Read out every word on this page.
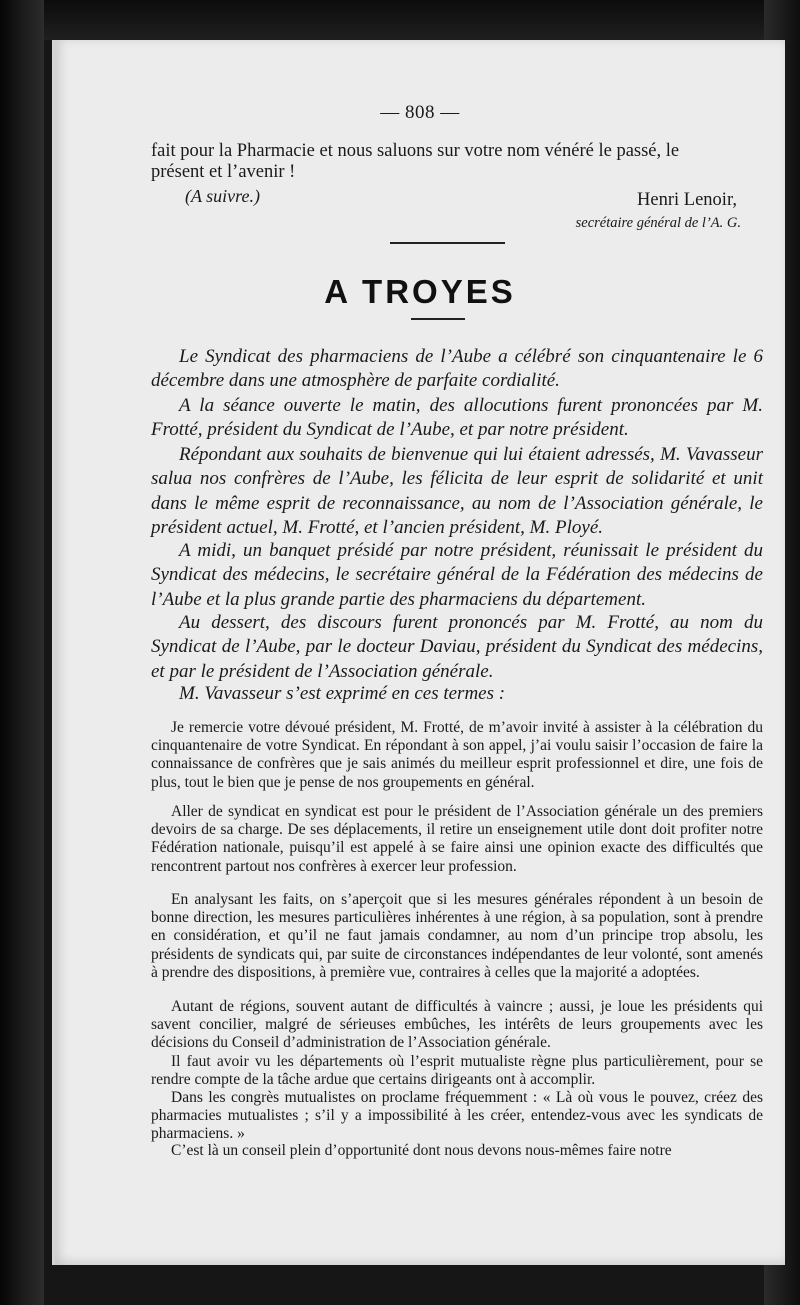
— 808 —
fait pour la Pharmacie et nous saluons sur votre nom vénéré le passé, le
présent et l’avenir !
(A suivre.)	Henri Lenoir,
secrétaire général de l’A. G.
A TROYES
Le Syndicat des pharmaciens de l’Aube a célébré son cinquantenaire le 6 décembre dans une atmosphère de parfaite cordialité.
A la séance ouverte le matin, des allocutions furent prononcées par M. Frotté, président du Syndicat de l’Aube, et par notre président.
Répondant aux souhaits de bienvenue qui lui étaient adressés, M. Vavasseur salua nos confrères de l’Aube, les félicita de leur esprit de solidarité et unit dans le même esprit de reconnaissance, au nom de l’Association générale, le président actuel, M. Frotté, et l’ancien président, M. Ployé.
A midi, un banquet présidé par notre président, réunissait le président du Syndicat des médecins, le secrétaire général de la Fédération des médecins de l’Aube et la plus grande partie des pharmaciens du département.
Au dessert, des discours furent prononcés par M. Frotté, au nom du Syndicat de l’Aube, par le docteur Daviau, président du Syndicat des médecins, et par le président de l’Association générale.
M. Vavasseur s’est exprimé en ces termes :
Je remercie votre dévoué président, M. Frotté, de m’avoir invité à assister à la célébration du cinquantenaire de votre Syndicat. En répondant à son appel, j’ai voulu saisir l’occasion de faire la connaissance de confrères que je sais animés du meilleur esprit professionnel et dire, une fois de plus, tout le bien que je pense de nos groupements en général.
Aller de syndicat en syndicat est pour le président de l’Association générale un des premiers devoirs de sa charge. De ses déplacements, il retire un enseignement utile dont doit profiter notre Fédération nationale, puisqu’il est appelé à se faire ainsi une opinion exacte des difficultés que rencontrent partout nos confrères à exercer leur profession.
En analysant les faits, on s’aperçoit que si les mesures générales répondent à un besoin de bonne direction, les mesures particulières inhérentes à une région, à sa population, sont à prendre en considération, et qu’il ne faut jamais condamner, au nom d’un principe trop absolu, les présidents de syndicats qui, par suite de circonstances indépendantes de leur volonté, sont amenés à prendre des dispositions, à première vue, contraires à celles que la majorité a adoptées.
Autant de régions, souvent autant de difficultés à vaincre ; aussi, je loue les présidents qui savent concilier, malgré de sérieuses embûches, les intérêts de leurs groupements avec les décisions du Conseil d’administration de l’Association générale.
Il faut avoir vu les départements où l’esprit mutualiste règne plus particulièrement, pour se rendre compte de la tâche ardue que certains dirigeants ont à accomplir.
Dans les congrès mutualistes on proclame fréquemment : « Là où vous le pouvez, créez des pharmacies mutualistes ; s’il y a impossibilité à les créer, entendez-vous avec les syndicats de pharmaciens. »
C’est là un conseil plein d’opportunité dont nous devons nous-mêmes faire notre
